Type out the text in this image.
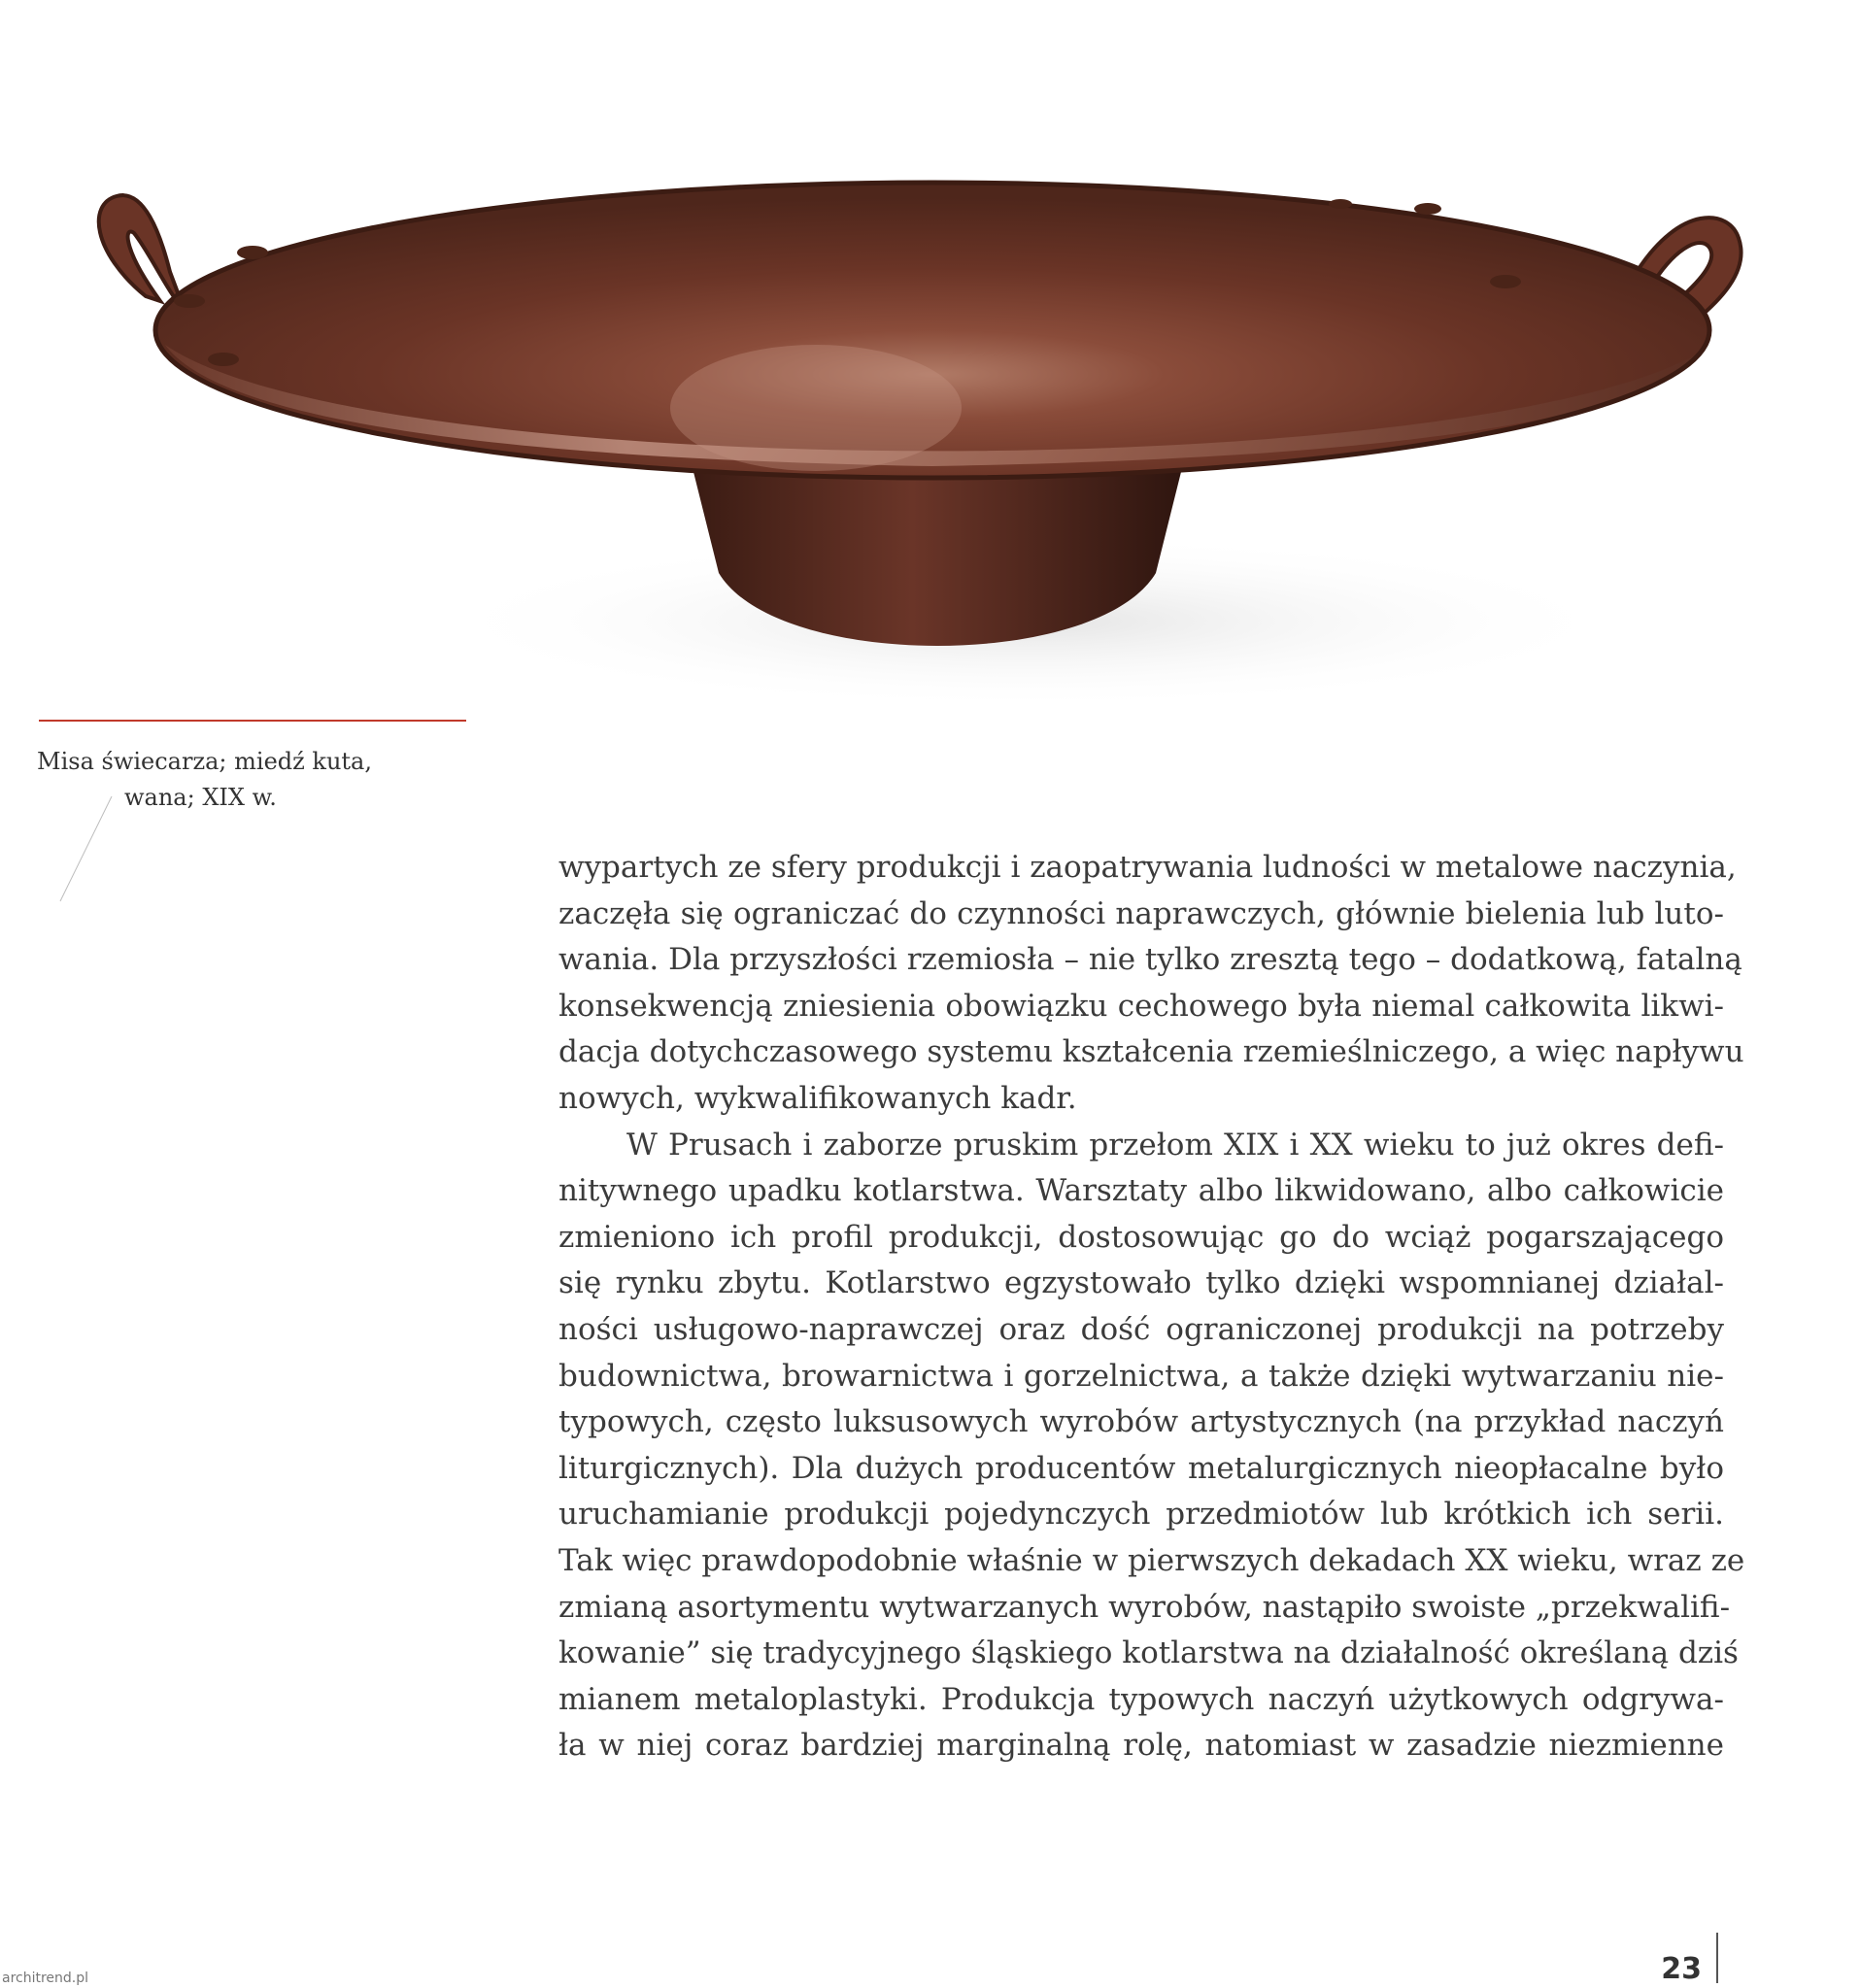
Misa świecarza; miedź kuta,
wana; XIX w.
wypartych ze sfery produkcji i zaopatrywania ludności w metalowe naczynia,
zaczęła się ograniczać do czynności naprawczych, głównie bielenia lub luto-
wania. Dla przyszłości rzemiosła – nie tylko zresztą tego – dodatkową, fatalną
konsekwencją zniesienia obowiązku cechowego była niemal całkowita likwi-
dacja dotychczasowego systemu kształcenia rzemieślniczego, a więc napływu
nowych, wykwalifikowanych kadr.
W Prusach i zaborze pruskim przełom XIX i XX wieku to już okres defi-
nitywnego upadku kotlarstwa. Warsztaty albo likwidowano, albo całkowicie
zmieniono ich profil produkcji, dostosowując go do wciąż pogarszającego
się rynku zbytu. Kotlarstwo egzystowało tylko dzięki wspomnianej działal-
ności usługowo-naprawczej oraz dość ograniczonej produkcji na potrzeby
budownictwa, browarnictwa i gorzelnictwa, a także dzięki wytwarzaniu nie-
typowych, często luksusowych wyrobów artystycznych (na przykład naczyń
liturgicznych). Dla dużych producentów metalurgicznych nieopłacalne było
uruchamianie produkcji pojedynczych przedmiotów lub krótkich ich serii.
Tak więc prawdopodobnie właśnie w pierwszych dekadach XX wieku, wraz ze
zmianą asortymentu wytwarzanych wyrobów, nastąpiło swoiste „przekwalifi-
kowanie” się tradycyjnego śląskiego kotlarstwa na działalność określaną dziś
mianem metaloplastyki. Produkcja typowych naczyń użytkowych odgrywa-
ła w niej coraz bardziej marginalną rolę, natomiast w zasadzie niezmienne
23
architrend.pl
